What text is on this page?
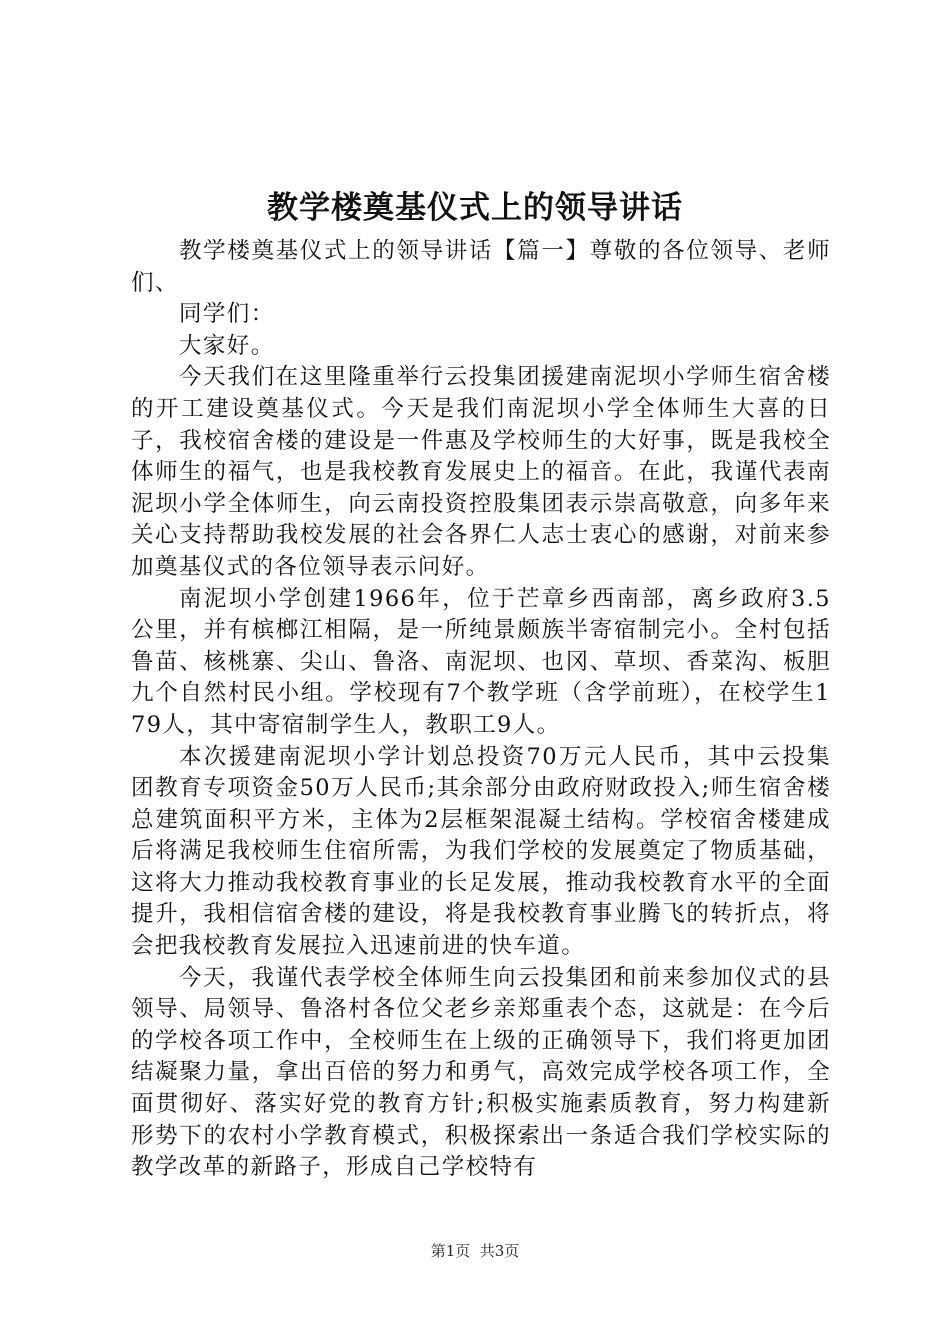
教学楼奠基仪式上的领导讲话

教学楼奠基仪式上的领导讲话【篇一】尊敬的各位领导、老师们、

同学们：

大家好。

今天我们在这里隆重举行云投集团援建南泥坝小学师生宿舍楼的开工建设奠基仪式。今天是我们南泥坝小学全体师生大喜的日子，我校宿舍楼的建设是一件惠及学校师生的大好事，既是我校全体师生的福气，也是我校教育发展史上的福音。在此，我谨代表南泥坝小学全体师生，向云南投资控股集团表示崇高敬意，向多年来关心支持帮助我校发展的社会各界仁人志士衷心的感谢，对前来参加奠基仪式的各位领导表示问好。

南泥坝小学创建1966年，位于芒章乡西南部，离乡政府3.5公里，并有槟榔江相隔，是一所纯景颇族半寄宿制完小。全村包括鲁苗、核桃寨、尖山、鲁洛、南泥坝、也冈、草坝、香菜沟、板胆九个自然村民小组。学校现有7个教学班（含学前班），在校学生179人，其中寄宿制学生人，教职工9人。

本次援建南泥坝小学计划总投资70万元人民币，其中云投集团教育专项资金50万人民币;其余部分由政府财政投入;师生宿舍楼总建筑面积平方米，主体为2层框架混凝土结构。学校宿舍楼建成后将满足我校师生住宿所需，为我们学校的发展奠定了物质基础，这将大力推动我校教育事业的长足发展，推动我校教育水平的全面提升，我相信宿舍楼的建设，将是我校教育事业腾飞的转折点，将会把我校教育发展拉入迅速前进的快车道。

今天，我谨代表学校全体师生向云投集团和前来参加仪式的县领导、局领导、鲁洛村各位父老乡亲郑重表个态，这就是：在今后的学校各项工作中，全校师生在上级的正确领导下，我们将更加团结凝聚力量，拿出百倍的努力和勇气，高效完成学校各项工作，全面贯彻好、落实好党的教育方针;积极实施素质教育，努力构建新形势下的农村小学教育模式，积极探索出一条适合我们学校实际的教学改革的新路子，形成自己学校特有

第1页  共3页
